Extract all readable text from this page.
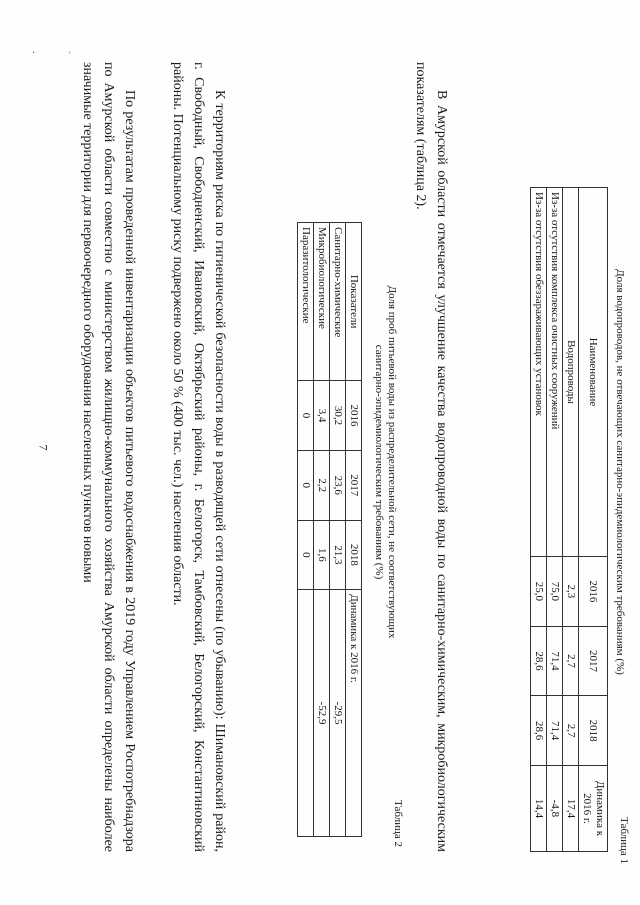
·	˒
7
Таблица 1
Доля водопроводов, не отвечающих санитарно-эпидемиологическим требованиям (%)
Наименование	2016	2017	2018	Динамика к 2016 г.
Водопроводы	2,3	2,7	2,7	17,4
Из-за отсутствия комплекса очистных сооружений	75,0	71,4	71,4	-4,8
Из-за отсутствия обеззараживающих установок	25,0	28,6	28,6	14,4
В Амурской области отмечается улучшение качества водопроводной воды по санитарно-химическим, микробиологическим показателям (таблица 2).
Таблица 2
Доля проб питьевой воды из распределительной сети, не соответствующих
санитарно-эпидемиологическим требованиям (%)
Показатели	2016	2017	2018	Динамика к 2016 г.
Санитарно-химические	30,2	23,6	21,3	-29,5
Микробиологические	3,4	2,2	1,6	-52,9
Паразитологические	0	0	0	
К территориям риска по гигиенической безопасности воды в разводящей сети отнесены (по убыванию): Шимановский район, г. Свободный, Свободненский, Ивановский, Октябрьский районы, г. Белогорск, Тамбовский, Белогорский, Константиновский районы. Потенциальному риску подвержено около 50 % (400 тыс. чел.) населения области.
По результатам проведенной инвентаризации объектов питьевого водоснабжения в 2019 году Управлением Роспотребнадзора по Амурской области совместно с министерством жилищно-коммунального хозяйства Амурской области определены наиболее значимые территории для первоочередного оборудования населенных пунктов новыми
